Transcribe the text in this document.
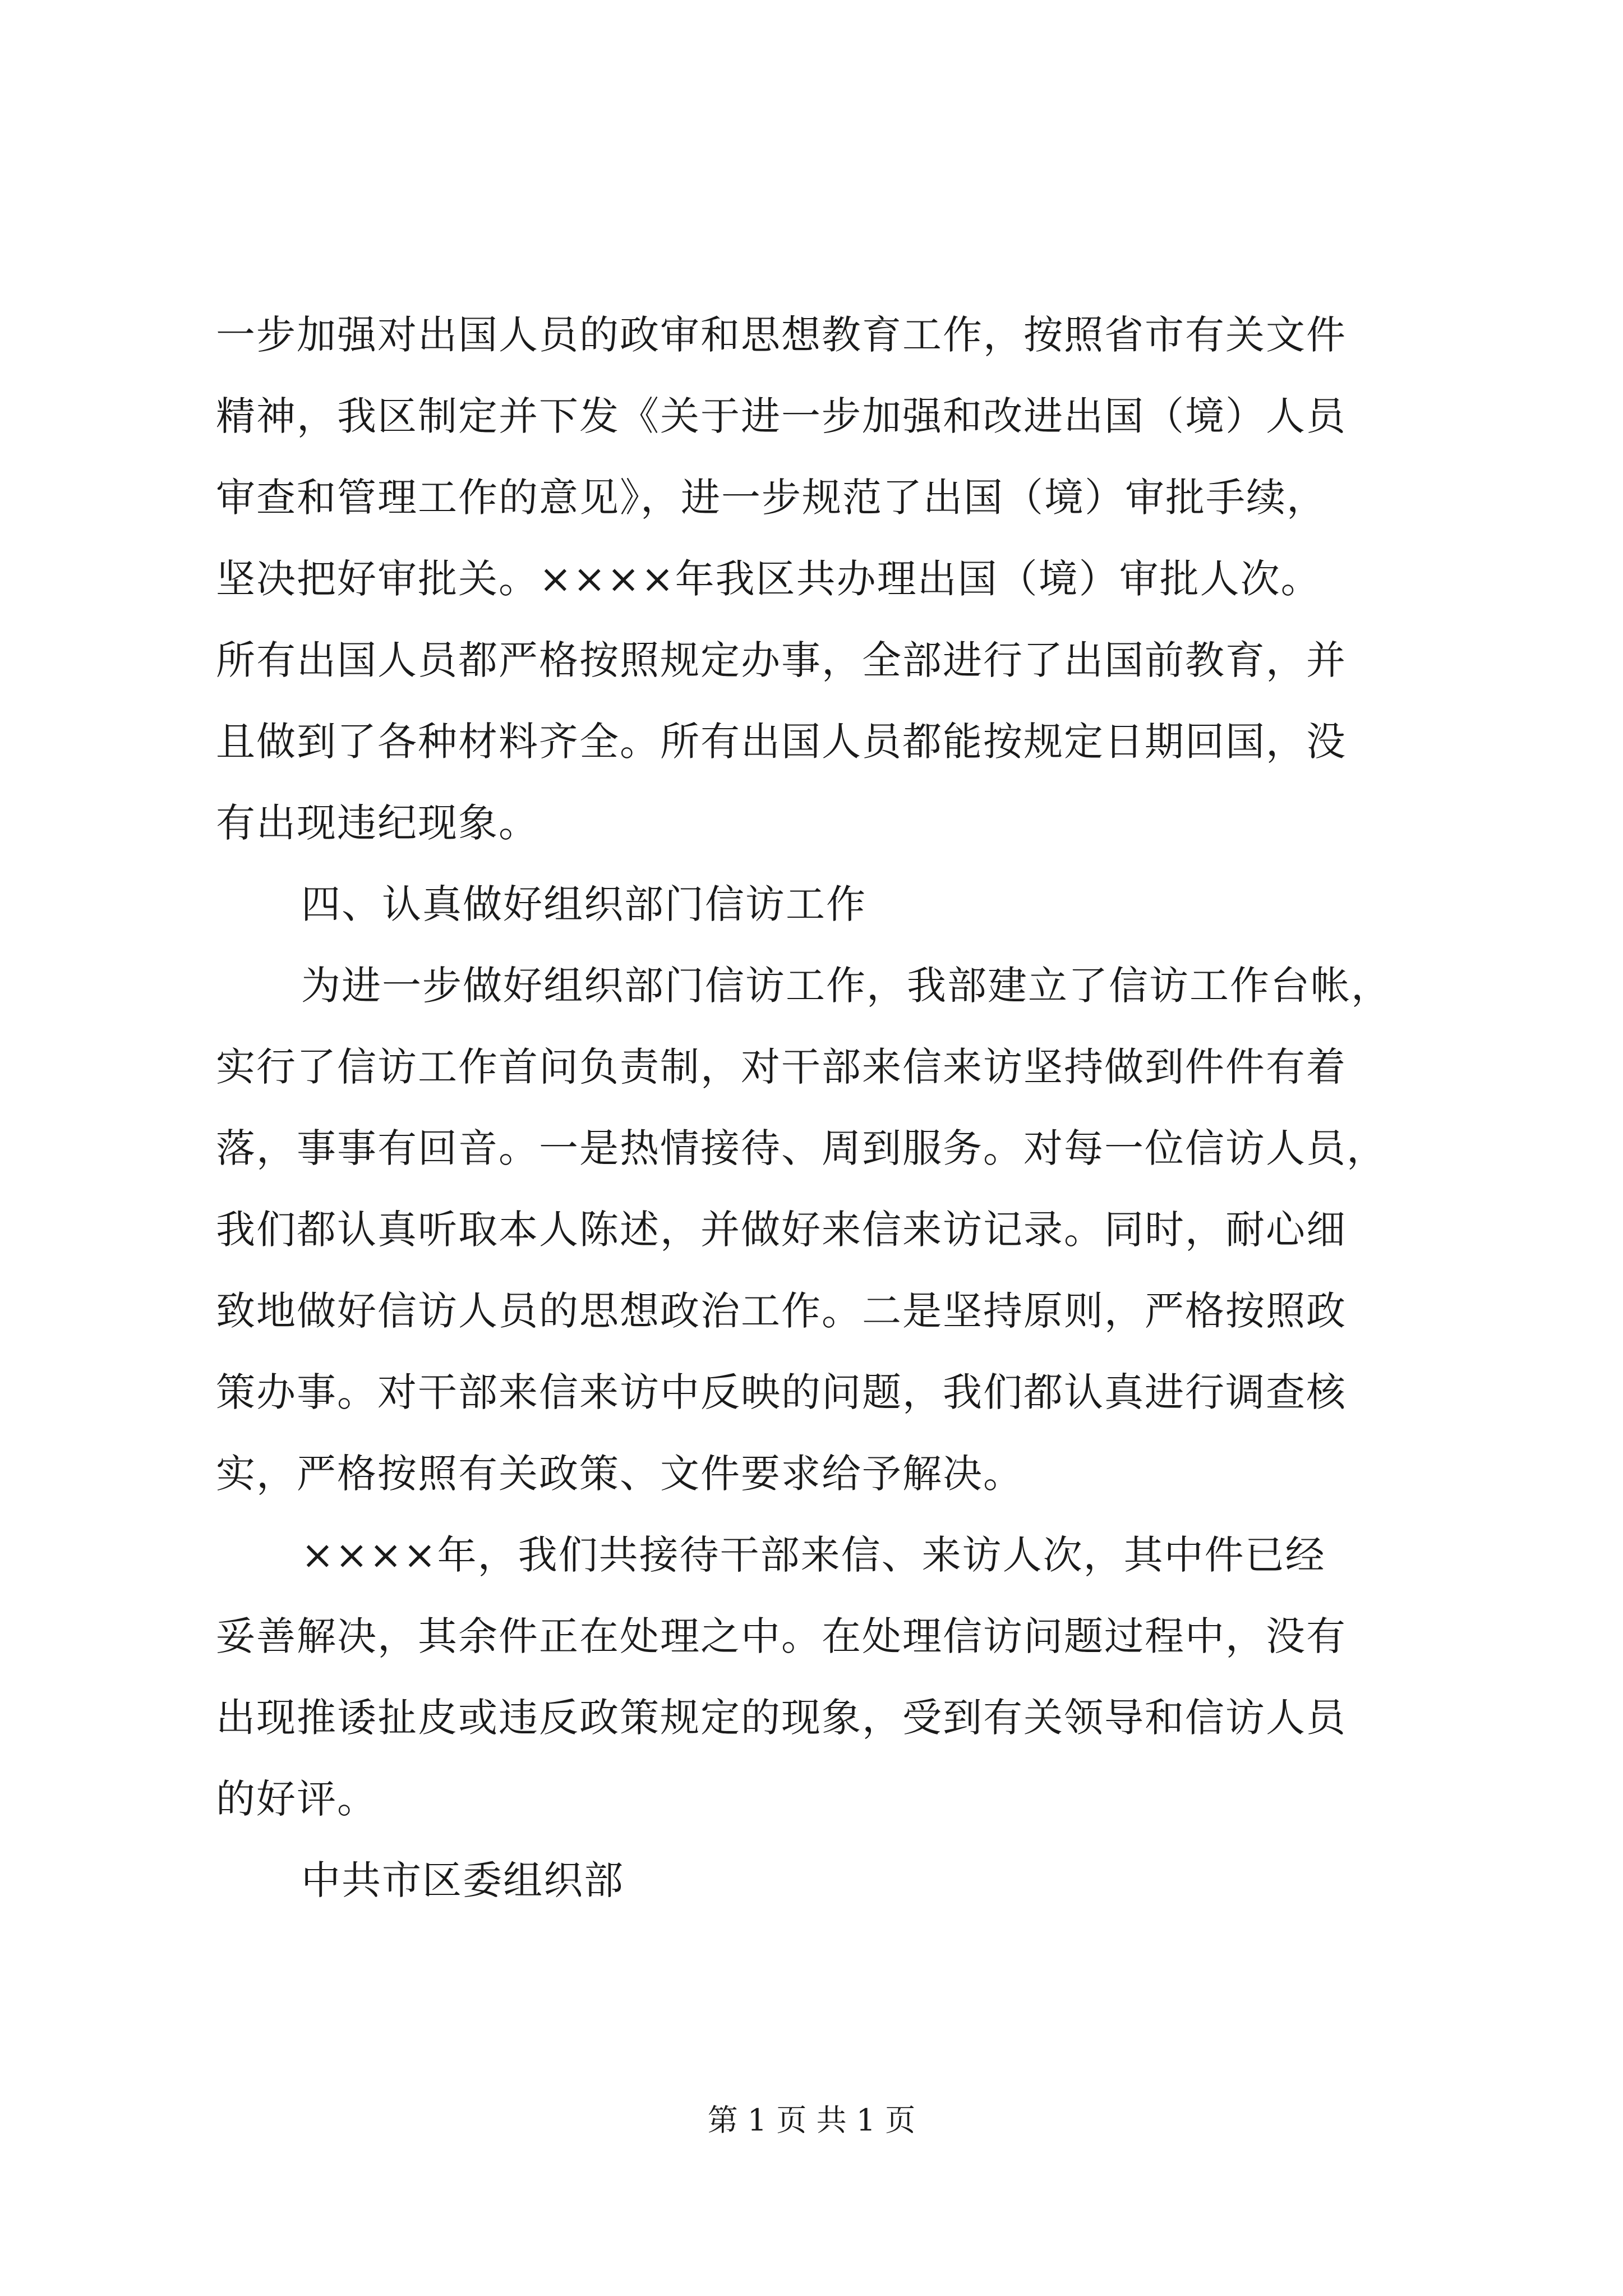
一步加强对出国人员的政审和思想教育工作，按照省市有关文件

精神，我区制定并下发《关于进一步加强和改进出国（境）人员

审查和管理工作的意见》，进一步规范了出国（境）审批手续，

坚决把好审批关。××××年我区共办理出国（境）审批人次。

所有出国人员都严格按照规定办事，全部进行了出国前教育，并

且做到了各种材料齐全。所有出国人员都能按规定日期回国，没

有出现违纪现象。

四、认真做好组织部门信访工作

为进一步做好组织部门信访工作，我部建立了信访工作台帐，

实行了信访工作首问负责制，对干部来信来访坚持做到件件有着

落，事事有回音。一是热情接待、周到服务。对每一位信访人员，

我们都认真听取本人陈述，并做好来信来访记录。同时，耐心细

致地做好信访人员的思想政治工作。二是坚持原则，严格按照政

策办事。对干部来信来访中反映的问题，我们都认真进行调查核

实，严格按照有关政策、文件要求给予解决。

××××年，我们共接待干部来信、来访人次，其中件已经

妥善解决，其余件正在处理之中。在处理信访问题过程中，没有

出现推诿扯皮或违反政策规定的现象，受到有关领导和信访人员

的好评。

中共市区委组织部

第 1 页 共 1 页
